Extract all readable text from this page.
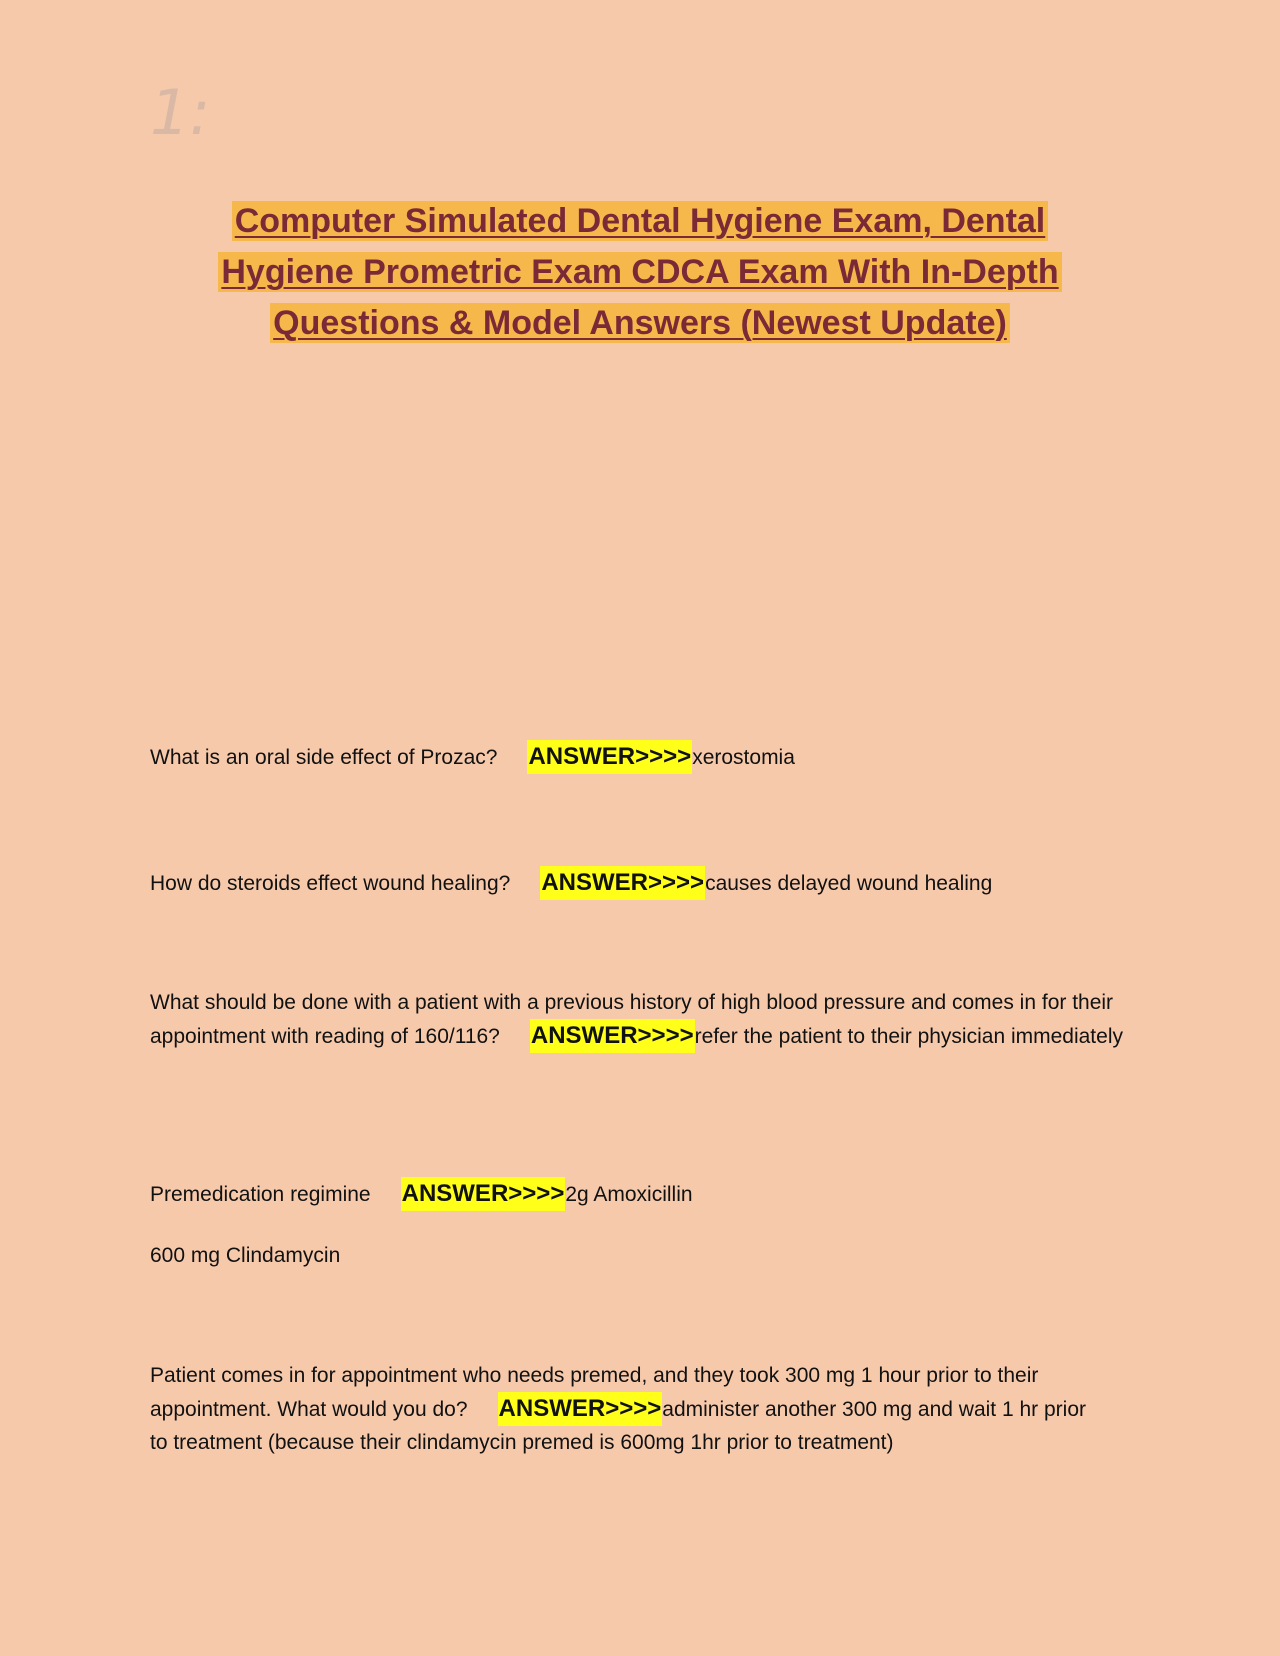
1:
Computer Simulated Dental Hygiene Exam, Dental
Hygiene Prometric Exam CDCA Exam With In-Depth
Questions & Model Answers (Newest Update)
What is an oral side effect of Prozac? ANSWER>>>>xerostomia
How do steroids effect wound healing? ANSWER>>>>causes delayed wound healing
What should be done with a patient with a previous history of high blood pressure and comes in for their appointment with reading of 160/116? ANSWER>>>>refer the patient to their physician immediately
Premedication regimine ANSWER>>>>2g Amoxicillin
600 mg Clindamycin
Patient comes in for appointment who needs premed, and they took 300 mg 1 hour prior to their appointment. What would you do? ANSWER>>>>administer another 300 mg and wait 1 hr prior to treatment (because their clindamycin premed is 600mg 1hr prior to treatment)
